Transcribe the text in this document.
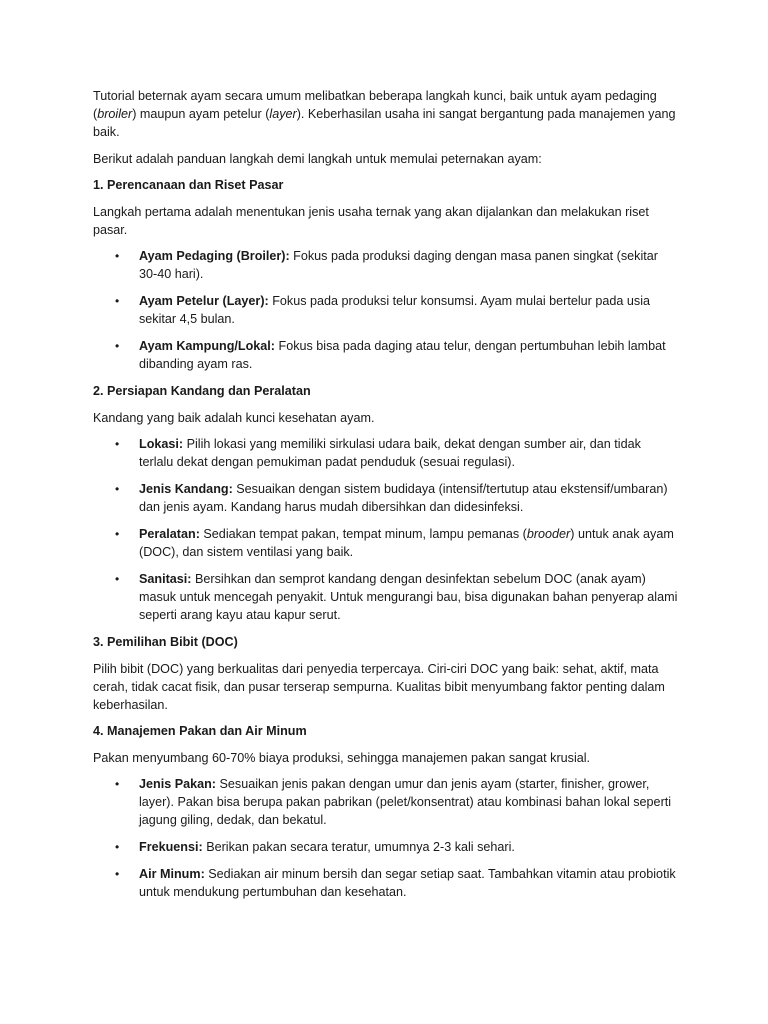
Tutorial beternak ayam secara umum melibatkan beberapa langkah kunci, baik untuk ayam pedaging (broiler) maupun ayam petelur (layer). Keberhasilan usaha ini sangat bergantung pada manajemen yang baik.

Berikut adalah panduan langkah demi langkah untuk memulai peternakan ayam:

1. Perencanaan dan Riset Pasar

Langkah pertama adalah menentukan jenis usaha ternak yang akan dijalankan dan melakukan riset pasar.

• Ayam Pedaging (Broiler): Fokus pada produksi daging dengan masa panen singkat (sekitar 30-40 hari).
• Ayam Petelur (Layer): Fokus pada produksi telur konsumsi. Ayam mulai bertelur pada usia sekitar 4,5 bulan.
• Ayam Kampung/Lokal: Fokus bisa pada daging atau telur, dengan pertumbuhan lebih lambat dibanding ayam ras.

2. Persiapan Kandang dan Peralatan

Kandang yang baik adalah kunci kesehatan ayam.

• Lokasi: Pilih lokasi yang memiliki sirkulasi udara baik, dekat dengan sumber air, dan tidak terlalu dekat dengan pemukiman padat penduduk (sesuai regulasi).
• Jenis Kandang: Sesuaikan dengan sistem budidaya (intensif/tertutup atau ekstensif/umbaran) dan jenis ayam. Kandang harus mudah dibersihkan dan didesinfeksi.
• Peralatan: Sediakan tempat pakan, tempat minum, lampu pemanas (brooder) untuk anak ayam (DOC), dan sistem ventilasi yang baik.
• Sanitasi: Bersihkan dan semprot kandang dengan desinfektan sebelum DOC (anak ayam) masuk untuk mencegah penyakit. Untuk mengurangi bau, bisa digunakan bahan penyerap alami seperti arang kayu atau kapur serut.

3. Pemilihan Bibit (DOC)

Pilih bibit (DOC) yang berkualitas dari penyedia terpercaya. Ciri-ciri DOC yang baik: sehat, aktif, mata cerah, tidak cacat fisik, dan pusar terserap sempurna. Kualitas bibit menyumbang faktor penting dalam keberhasilan.

4. Manajemen Pakan dan Air Minum

Pakan menyumbang 60-70% biaya produksi, sehingga manajemen pakan sangat krusial.

• Jenis Pakan: Sesuaikan jenis pakan dengan umur dan jenis ayam (starter, finisher, grower, layer). Pakan bisa berupa pakan pabrikan (pelet/konsentrat) atau kombinasi bahan lokal seperti jagung giling, dedak, dan bekatul.
• Frekuensi: Berikan pakan secara teratur, umumnya 2-3 kali sehari.
• Air Minum: Sediakan air minum bersih dan segar setiap saat. Tambahkan vitamin atau probiotik untuk mendukung pertumbuhan dan kesehatan.
